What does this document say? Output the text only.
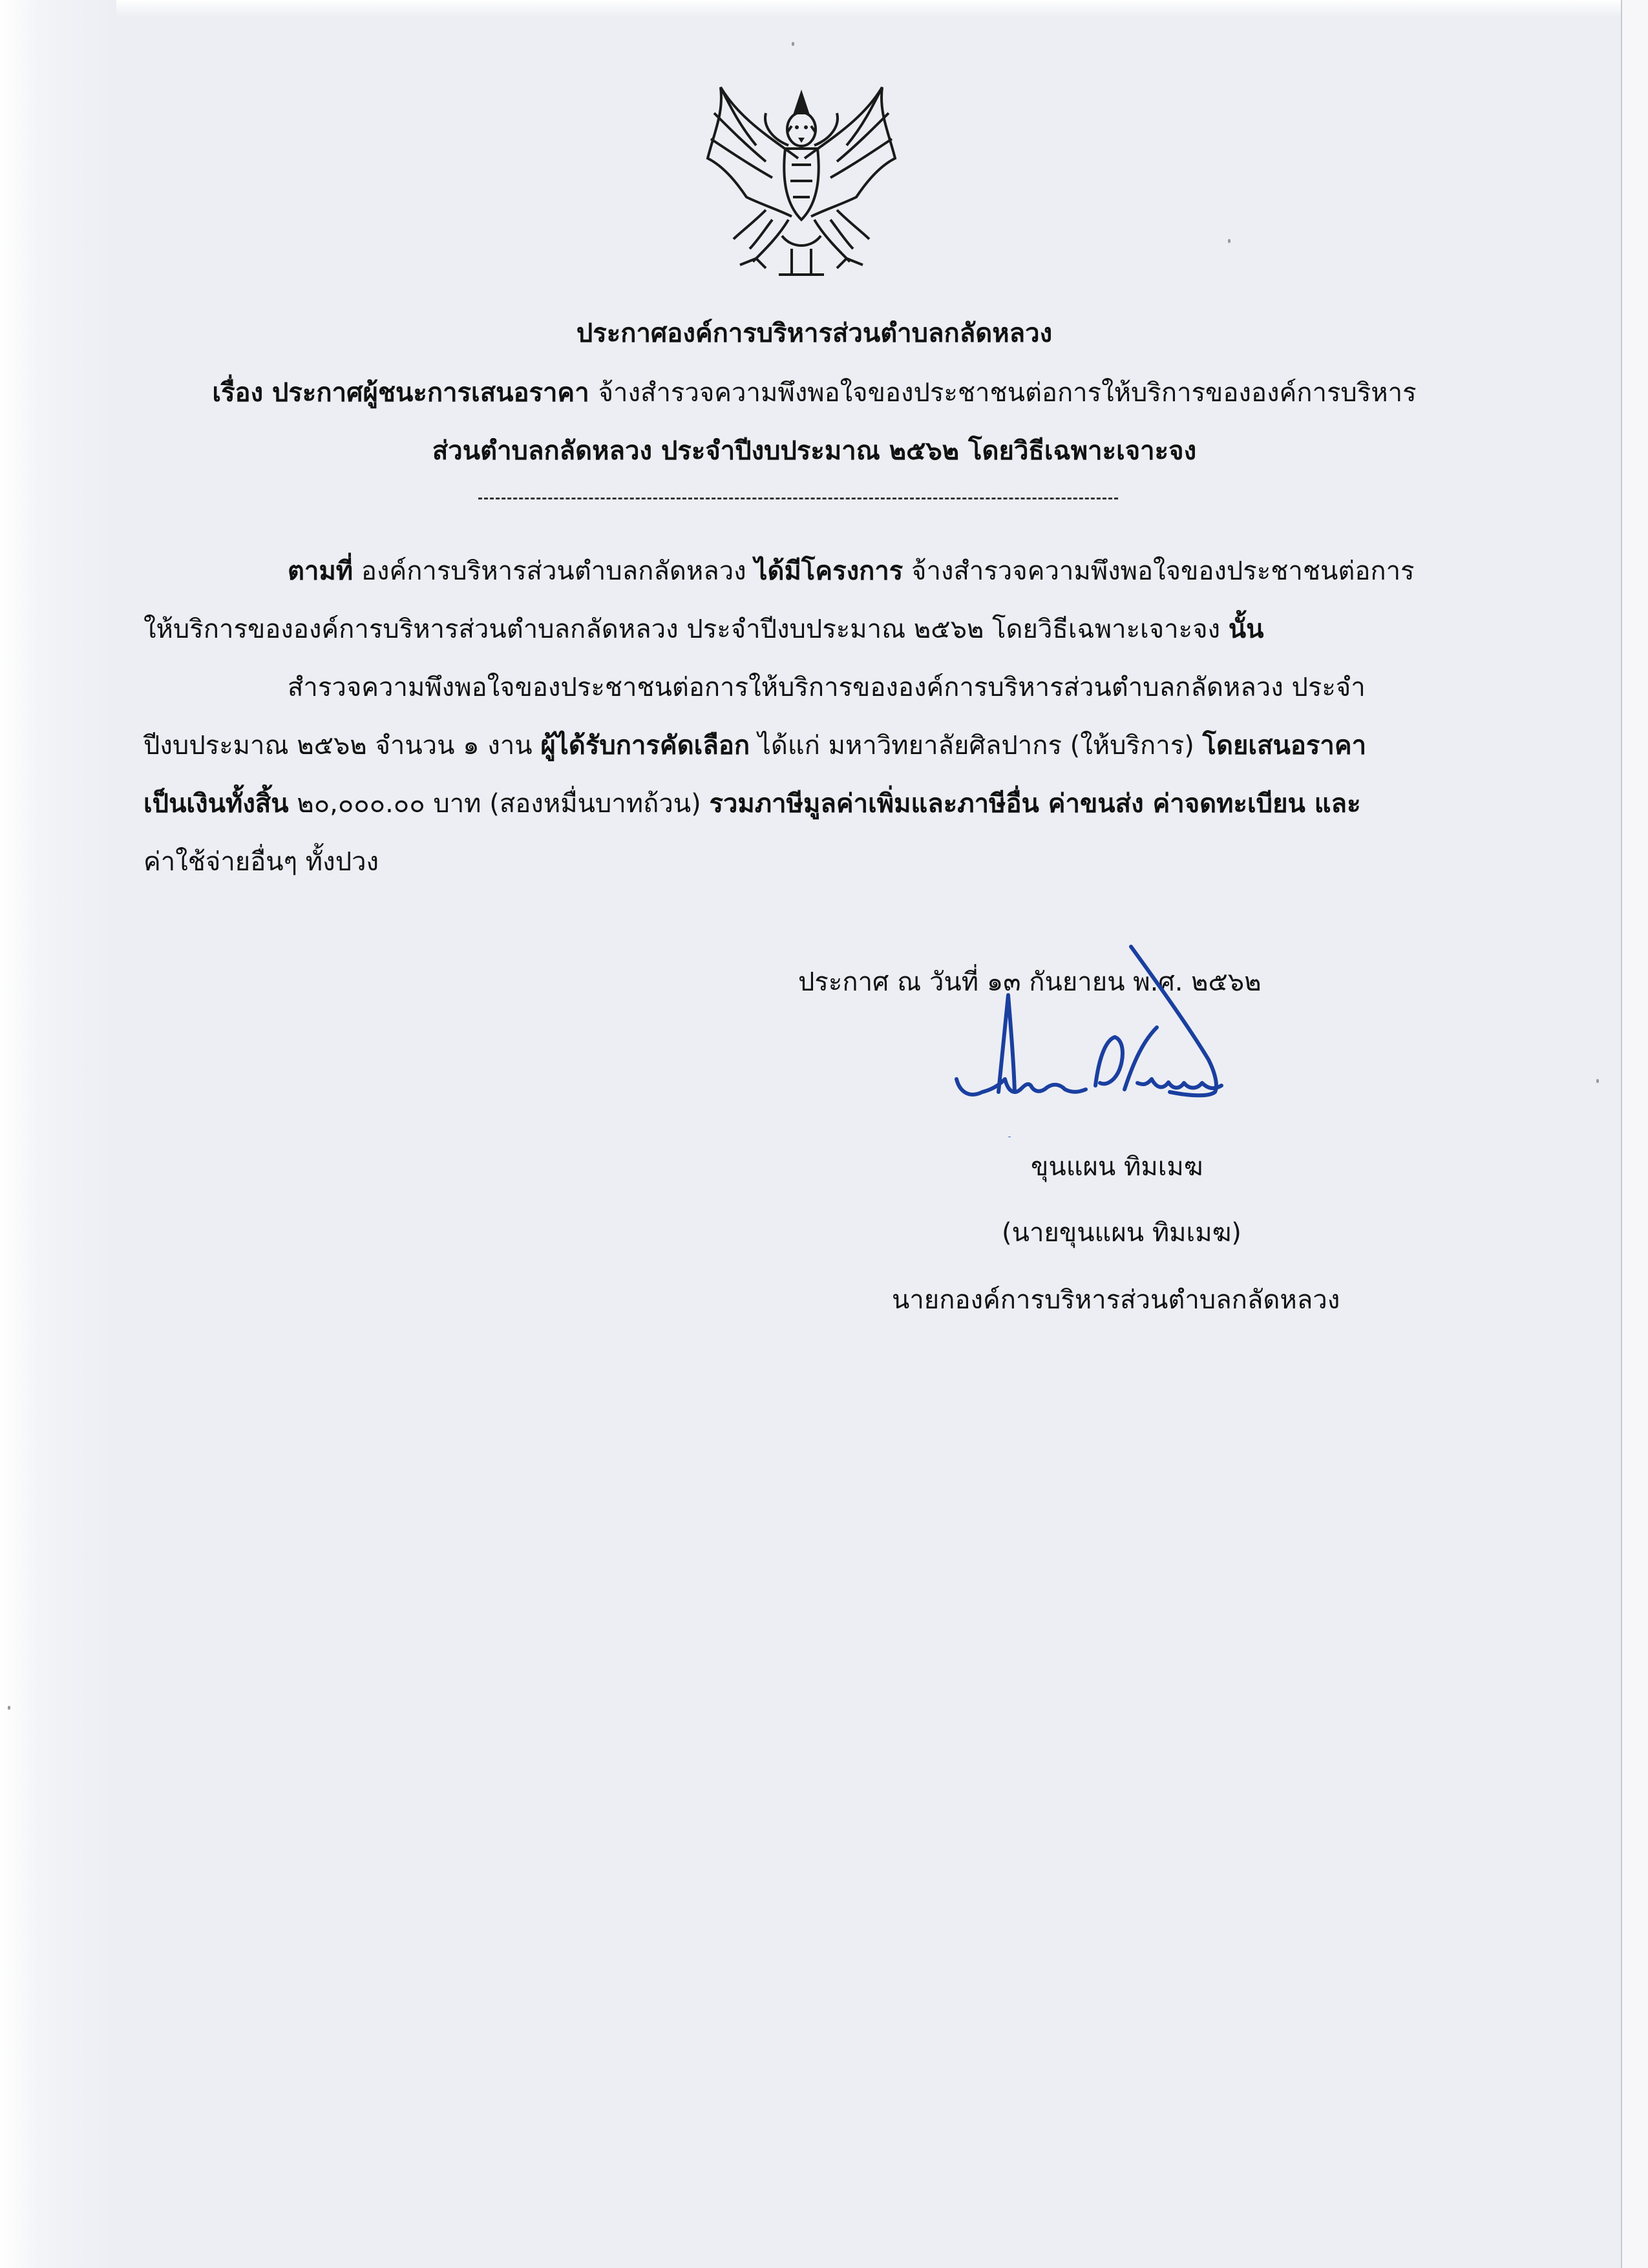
ประกาศองค์การบริหารส่วนตำบลกลัดหลวง
เรื่อง ประกาศผู้ชนะการเสนอราคา จ้างสำรวจความพึงพอใจของประชาชนต่อการให้บริการขององค์การบริหาร
ส่วนตำบลกลัดหลวง ประจำปีงบประมาณ ๒๕๖๒ โดยวิธีเฉพาะเจาะจง
ตามที่ องค์การบริหารส่วนตำบลกลัดหลวง ได้มีโครงการ จ้างสำรวจความพึงพอใจของประชาชนต่อการ
ให้บริการขององค์การบริหารส่วนตำบลกลัดหลวง ประจำปีงบประมาณ ๒๕๖๒ โดยวิธีเฉพาะเจาะจง นั้น
สำรวจความพึงพอใจของประชาชนต่อการให้บริการขององค์การบริหารส่วนตำบลกลัดหลวง ประจำ
ปีงบประมาณ ๒๕๖๒ จำนวน ๑ งาน ผู้ได้รับการคัดเลือก ได้แก่ มหาวิทยาลัยศิลปากร (ให้บริการ) โดยเสนอราคา
เป็นเงินทั้งสิ้น ๒๐,๐๐๐.๐๐ บาท (สองหมื่นบาทถ้วน) รวมภาษีมูลค่าเพิ่มและภาษีอื่น ค่าขนส่ง ค่าจดทะเบียน และ
ค่าใช้จ่ายอื่นๆ ทั้งปวง
ประกาศ ณ วันที่ ๑๓ กันยายน พ.ศ. ๒๕๖๒
ขุนแผน ทิมเมฆ
(นายขุนแผน ทิมเมฆ)
นายกองค์การบริหารส่วนตำบลกลัดหลวง
